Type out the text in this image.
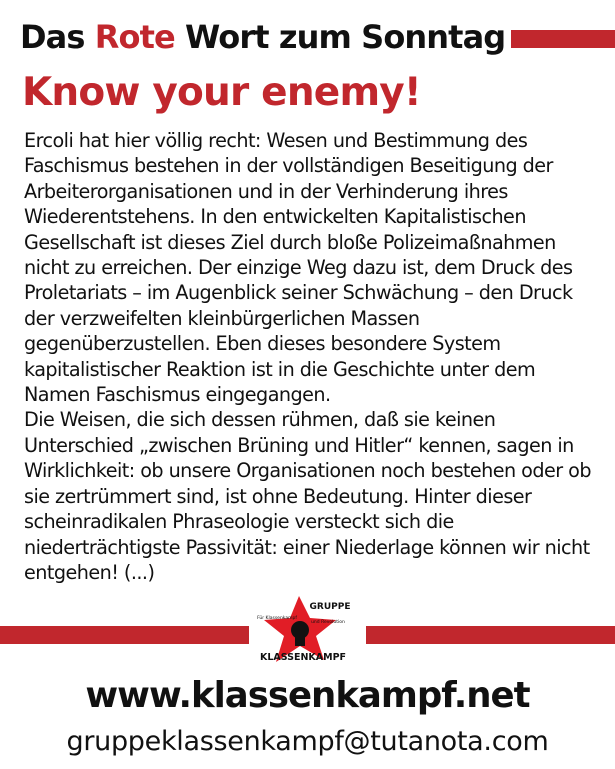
Das Rote Wort zum Sonntag
Know your enemy!

Ercoli hat hier völlig recht: Wesen und Bestimmung des Faschismus bestehen in der vollständigen Beseitigung der Arbeiterorganisationen und in der Verhinderung ihres Wiederentstehens. In den entwickelten Kapitalistischen Gesellschaft ist dieses Ziel durch bloße Polizeimaßnahmen nicht zu erreichen. Der einzige Weg dazu ist, dem Druck des Proletariats – im Augenblick seiner Schwächung – den Druck der verzweifelten kleinbürgerlichen Massen gegenüberzustellen. Eben dieses besondere System kapitalistischer Reaktion ist in die Geschichte unter dem Namen Faschismus eingegangen.

Die Weisen, die sich dessen rühmen, daß sie keinen Unterschied „zwischen Brüning und Hitler“ kennen, sagen in Wirklichkeit: ob unsere Organisationen noch bestehen oder ob sie zertrümmert sind, ist ohne Bedeutung. Hinter dieser scheinradikalen Phraseologie versteckt sich die niederträchtigste Passivität: einer Niederlage können wir nicht entgehen! (...)

GRUPPE
Für Klassenkampf
und Revolution
KLASSENKAMPF
www.klassenkampf.net
gruppeklassenkampf@tutanota.com
